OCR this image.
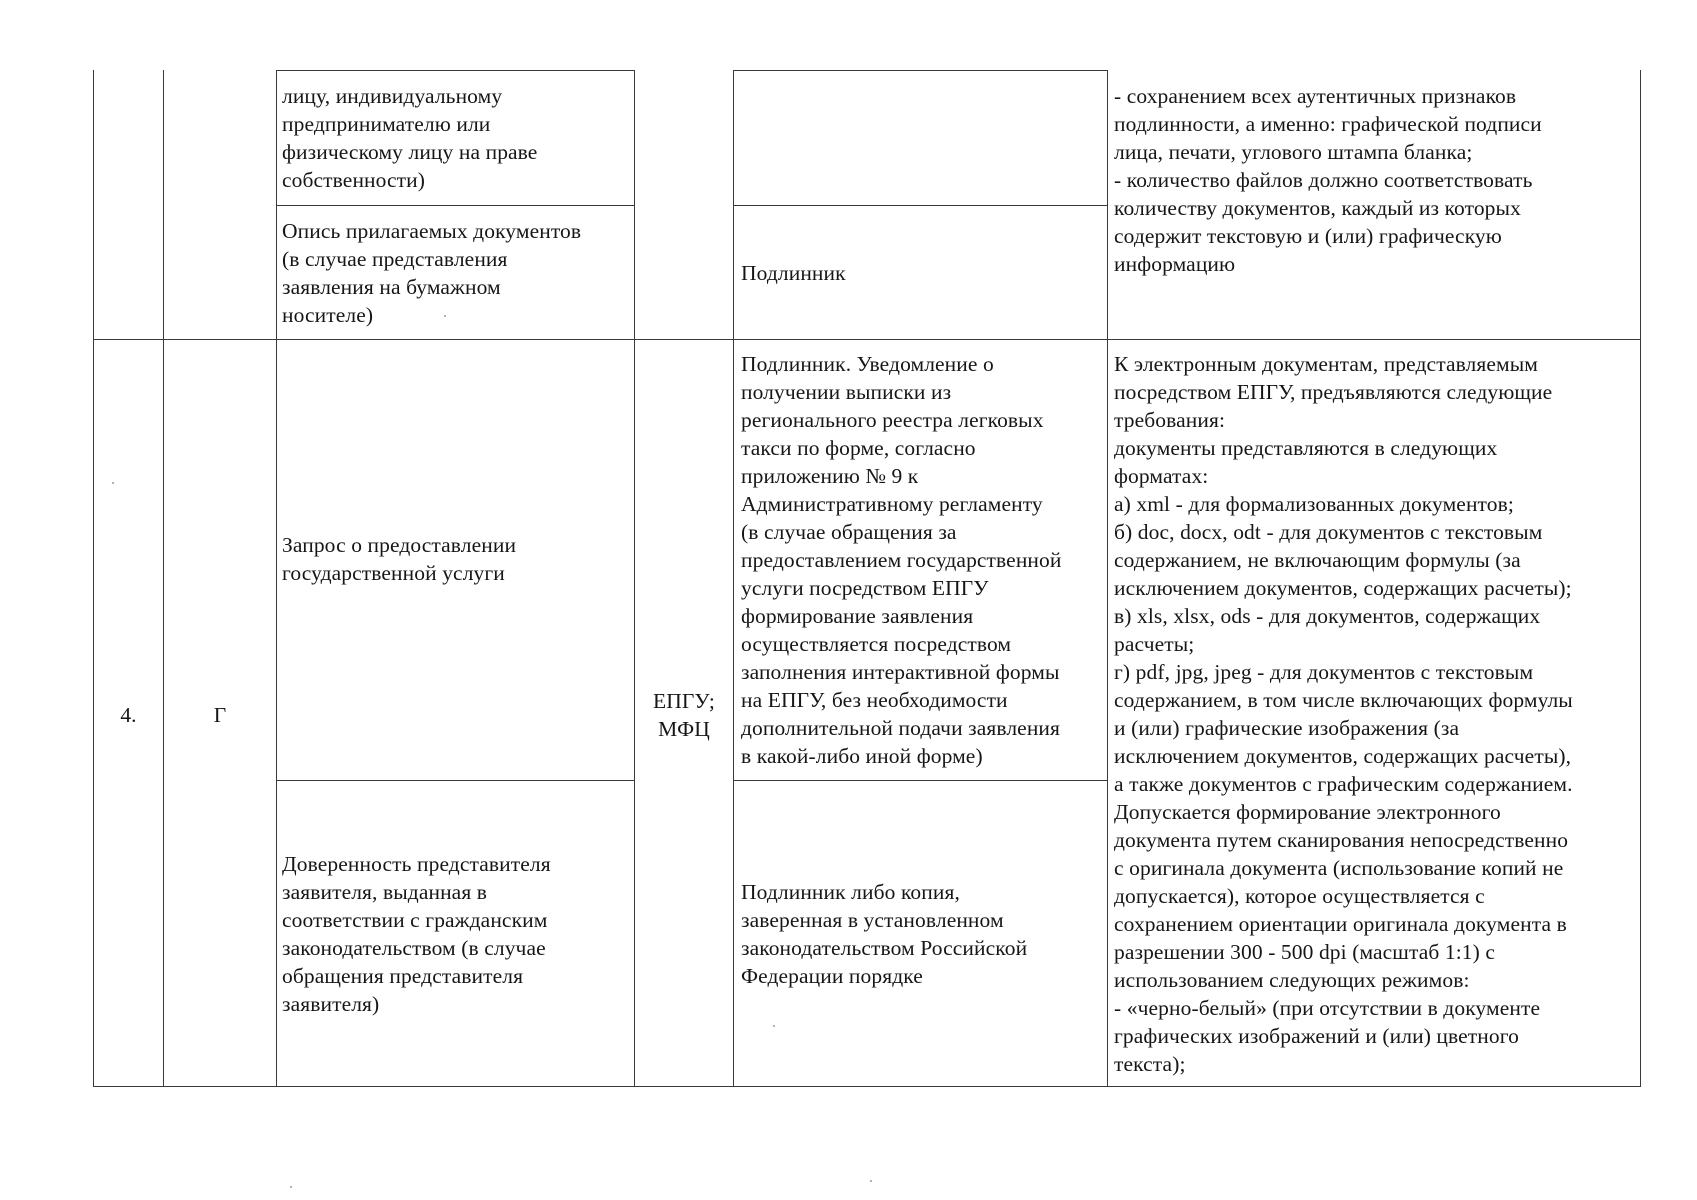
лицу, индивидуальному
предпринимателю или
физическому лицу на праве
собственности)
Опись прилагаемых документов
(в случае представления
заявления на бумажном
носителе)
Подлинник
- сохранением всех аутентичных признаков
подлинности, а именно: графической подписи
лица, печати, углового штампа бланка;
- количество файлов должно соответствовать
количеству документов, каждый из которых
содержит текстовую и (или) графическую
информацию
4.	Г
Запрос о предоставлении
государственной услуги
Доверенность представителя
заявителя, выданная в
соответствии с гражданским
законодательством (в случае
обращения представителя
заявителя)
ЕПГУ;
МФЦ
Подлинник. Уведомление о
получении выписки из
регионального реестра легковых
такси по форме, согласно
приложению № 9 к
Административному регламенту
(в случае обращения за
предоставлением государственной
услуги посредством ЕПГУ
формирование заявления
осуществляется посредством
заполнения интерактивной формы
на ЕПГУ, без необходимости
дополнительной подачи заявления
в какой-либо иной форме)
Подлинник либо копия,
заверенная в установленном
законодательством Российской
Федерации порядке
К электронным документам, представляемым
посредством ЕПГУ, предъявляются следующие
требования:
документы представляются в следующих
форматах:
а) xml - для формализованных документов;
б) doc, docx, odt - для документов с текстовым
содержанием, не включающим формулы (за
исключением документов, содержащих расчеты);
в) xls, xlsx, ods - для документов, содержащих
расчеты;
г) pdf, jpg, jpeg - для документов с текстовым
содержанием, в том числе включающих формулы
и (или) графические изображения (за
исключением документов, содержащих расчеты),
а также документов с графическим содержанием.
Допускается формирование электронного
документа путем сканирования непосредственно
с оригинала документа (использование копий не
допускается), которое осуществляется с
сохранением ориентации оригинала документа в
разрешении 300 - 500 dpi (масштаб 1:1) с
использованием следующих режимов:
- «черно-белый» (при отсутствии в документе
графических изображений и (или) цветного
текста);
